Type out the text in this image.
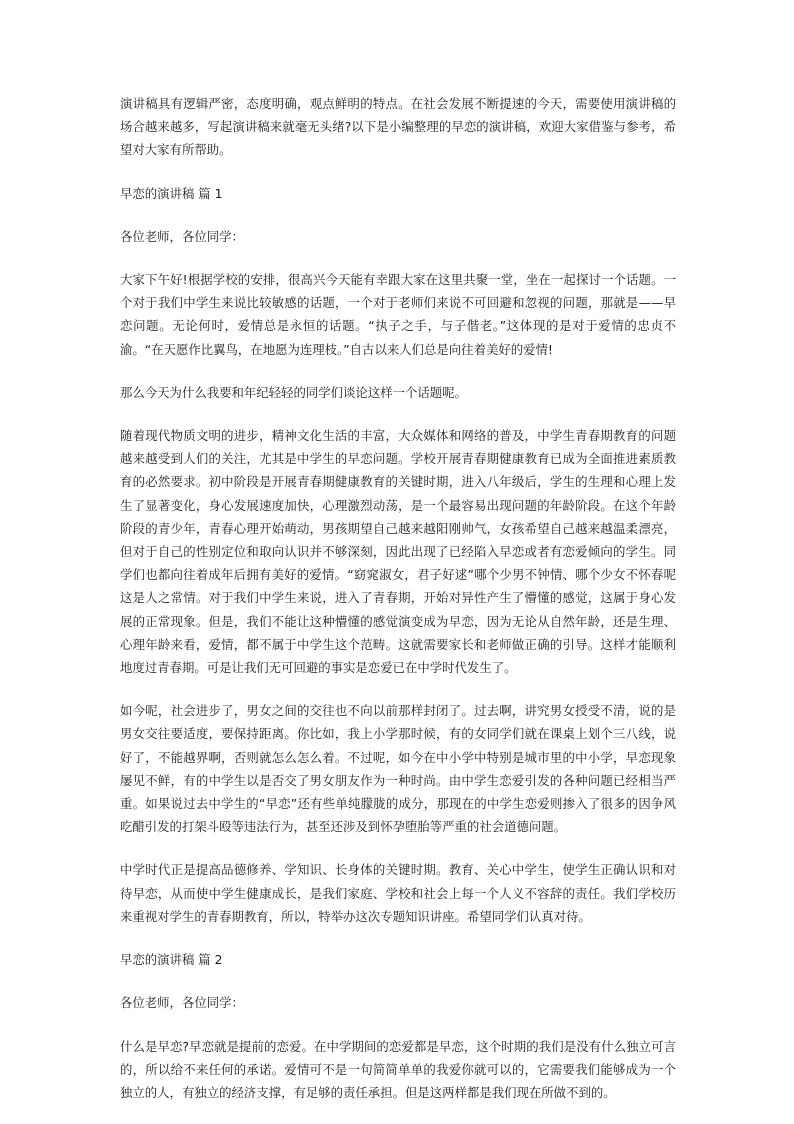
演讲稿具有逻辑严密，态度明确，观点鲜明的特点。在社会发展不断提速的今天，需要使用演讲稿的场合越来越多，写起演讲稿来就毫无头绪?以下是小编整理的早恋的演讲稿，欢迎大家借鉴与参考，希望对大家有所帮助。

早恋的演讲稿 篇 1

各位老师，各位同学：

大家下午好!根据学校的安排，很高兴今天能有幸跟大家在这里共聚一堂，坐在一起探讨一个话题。一个对于我们中学生来说比较敏感的话题，一个对于老师们来说不可回避和忽视的问题，那就是——早恋问题。无论何时，爱情总是永恒的话题。“执子之手，与子偕老。”这体现的是对于爱情的忠贞不渝。“在天愿作比翼鸟，在地愿为连理枝。”自古以来人们总是向往着美好的爱情!

那么今天为什么我要和年纪轻轻的同学们谈论这样一个话题呢。

随着现代物质文明的进步，精神文化生活的丰富，大众媒体和网络的普及，中学生青春期教育的问题越来越受到人们的关注，尤其是中学生的早恋问题。学校开展青春期健康教育已成为全面推进素质教育的必然要求。初中阶段是开展青春期健康教育的关键时期，进入八年级后，学生的生理和心理上发生了显著变化，身心发展速度加快，心理激烈动荡，是一个最容易出现问题的年龄阶段。在这个年龄阶段的青少年，青春心理开始萌动，男孩期望自己越来越阳刚帅气，女孩希望自己越来越温柔漂亮，但对于自己的性别定位和取向认识并不够深刻，因此出现了已经陷入早恋或者有恋爱倾向的学生。同学们也都向往着成年后拥有美好的爱情。“窈窕淑女，君子好逑”哪个少男不钟情、哪个少女不怀春呢这是人之常情。对于我们中学生来说，进入了青春期，开始对异性产生了懵懂的感觉，这属于身心发展的正常现象。但是，我们不能让这种懵懂的感觉演变成为早恋，因为无论从自然年龄，还是生理、心理年龄来看，爱情，都不属于中学生这个范畴。这就需要家长和老师做正确的引导。这样才能顺利地度过青春期。可是让我们无可回避的事实是恋爱已在中学时代发生了。

如今呢，社会进步了，男女之间的交往也不向以前那样封闭了。过去啊，讲究男女授受不清，说的是男女交往要适度，要保持距离。你比如，我上小学那时候，有的女同学们就在课桌上划个三八线，说好了，不能越界啊，否则就怎么怎么着。不过呢，如今在中小学中特别是城市里的中小学，早恋现象屡见不鲜，有的中学生以是否交了男女朋友作为一种时尚。由中学生恋爱引发的各种问题已经相当严重。如果说过去中学生的“早恋”还有些单纯朦胧的成分，那现在的中学生恋爱则掺入了很多的因争风吃醋引发的打架斗殴等违法行为，甚至还涉及到怀孕堕胎等严重的社会道德问题。

中学时代正是提高品德修养、学知识、长身体的关键时期。教育、关心中学生，使学生正确认识和对待早恋，从而使中学生健康成长，是我们家庭、学校和社会上每一个人义不容辞的责任。我们学校历来重视对学生的青春期教育，所以，特举办这次专题知识讲座。希望同学们认真对待。

早恋的演讲稿 篇 2

各位老师，各位同学：

什么是早恋?早恋就是提前的恋爱。在中学期间的恋爱都是早恋，这个时期的我们是没有什么独立可言的，所以给不来任何的承诺。爱情可不是一句简简单单的我爱你就可以的，它需要我们能够成为一个独立的人，有独立的经济支撑，有足够的责任承担。但是这两样都是我们现在所做不到的。
